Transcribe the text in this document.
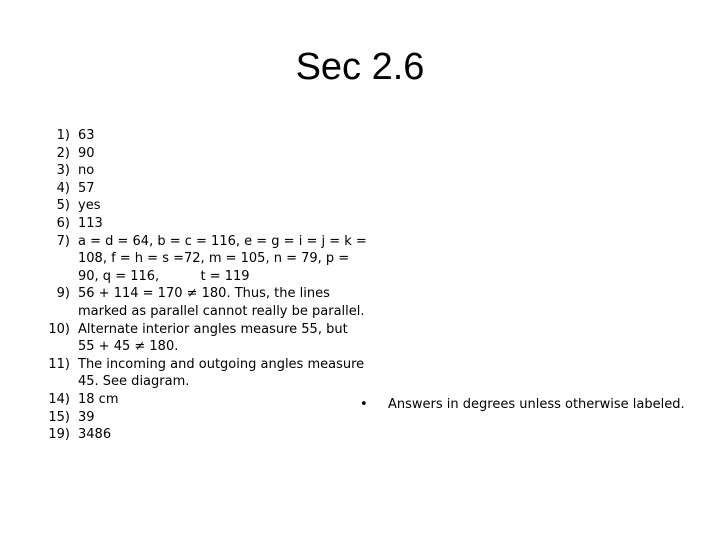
Sec 2.6
1) 63
2) 90
3) no
4) 57
5) yes
6) 113
7) a = d = 64, b = c = 116, e = g = i = j = k = 108, f = h = s =72, m = 105, n = 79, p = 90, q = 116,          t = 119
9) 56 + 114 = 170 ≠ 180. Thus, the lines marked as parallel cannot really be parallel.
10) Alternate interior angles measure 55, but 55 + 45 ≠ 180.
11) The incoming and outgoing angles measure 45. See diagram.
14) 18 cm
15) 39
19) 3486
•	Answers in degrees unless otherwise labeled.
